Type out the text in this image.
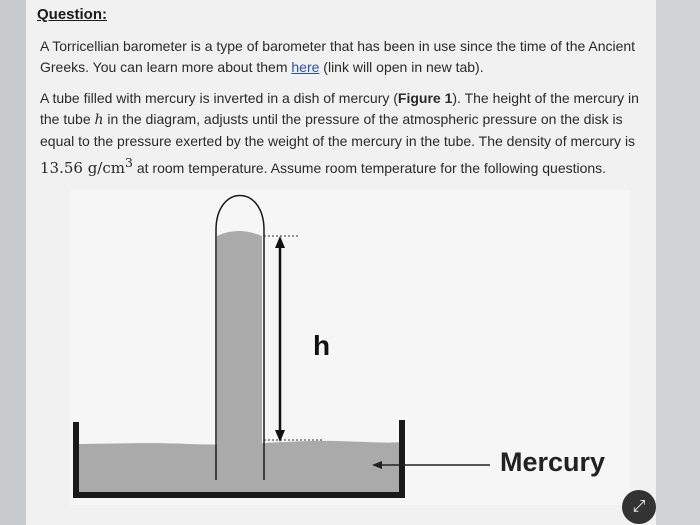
Question:

A Torricellian barometer is a type of barometer that has been in use since the time of the Ancient Greeks. You can learn more about them here (link will open in new tab).

A tube filled with mercury is inverted in a dish of mercury (Figure 1). The height of the mercury in the tube h in the diagram, adjusts until the pressure of the atmospheric pressure on the disk is equal to the pressure exerted by the weight of the mercury in the tube. The density of mercury is 13.56 $g/cm^3$ at room temperature. Assume room temperature for the following questions.

h
Mercury
⤢
